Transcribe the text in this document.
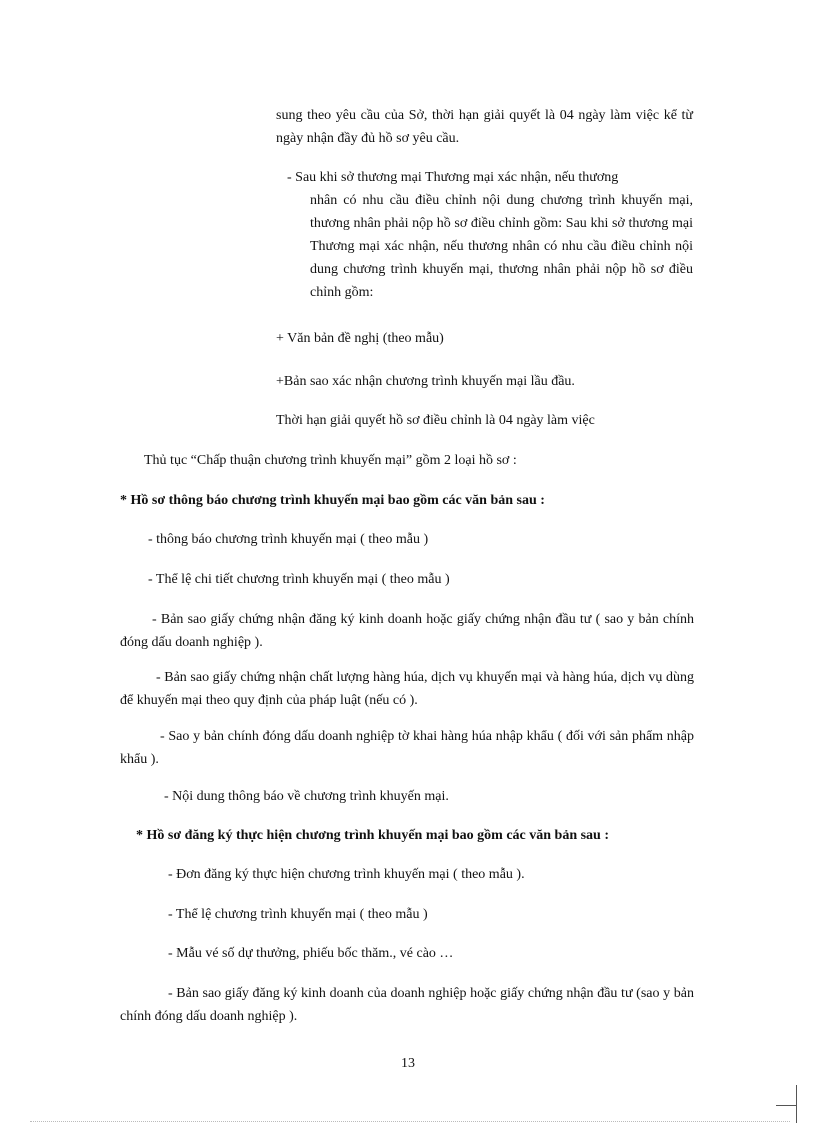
sung theo yêu cầu của Sở, thời hạn giải quyết là 04 ngày làm việc kể từ ngày nhận đầy đủ hồ sơ yêu cầu.

- Sau khi sở thương mại Thương mại xác nhận, nếu thương

nhân có nhu cầu điều chỉnh nội dung chương trình khuyến mại, thương nhân phải nộp hồ sơ điều chỉnh gồm: Sau khi sở thương mại Thương mại xác nhận, nếu thương nhân có nhu cầu điều chỉnh nội dung chương trình khuyến mại, thương nhân phải nộp hồ sơ điều chỉnh gồm:

+ Văn bản đề nghị (theo mẫu)

+Bản sao xác nhận chương trình khuyến mại lầu đầu.

Thời hạn giải quyết hồ sơ điều chỉnh là 04 ngày làm việc

Thủ tục “Chấp thuận chương trình khuyến mại” gồm 2 loại hồ sơ :

* Hồ sơ thông báo chương trình khuyến mại bao gồm các văn bản sau :

- thông báo chương trình khuyến mại ( theo mẫu )

- Thể lệ chi tiết chương trình khuyến mại ( theo mẫu )

- Bản sao giấy chứng nhận đăng ký kinh doanh hoặc giấy chứng nhận đầu tư ( sao y bản chính đóng dấu doanh nghiệp ).

- Bản sao giấy chứng nhận chất lượng hàng húa, dịch vụ khuyến mại và hàng húa, dịch vụ dùng để khuyến mại theo quy định của pháp luật (nếu có ).

- Sao y bản chính đóng dấu doanh nghiệp tờ khai hàng húa nhập khẩu ( đối với sản phẩm nhập khẩu ).

- Nội dung thông báo về chương trình khuyến mại.

* Hồ sơ đăng ký thực hiện chương trình khuyến mại bao gồm các văn bản sau :

- Đơn đăng ký thực hiện chương trình khuyến mại ( theo mẫu ).

- Thể lệ chương trình khuyến mại ( theo mẫu )

- Mẫu vé số dự thưởng, phiếu bốc thăm., vé cào …

- Bản sao giấy đăng ký kinh doanh của doanh nghiệp hoặc giấy chứng nhận đầu tư (sao y bản chính đóng dấu doanh nghiệp ).

13
